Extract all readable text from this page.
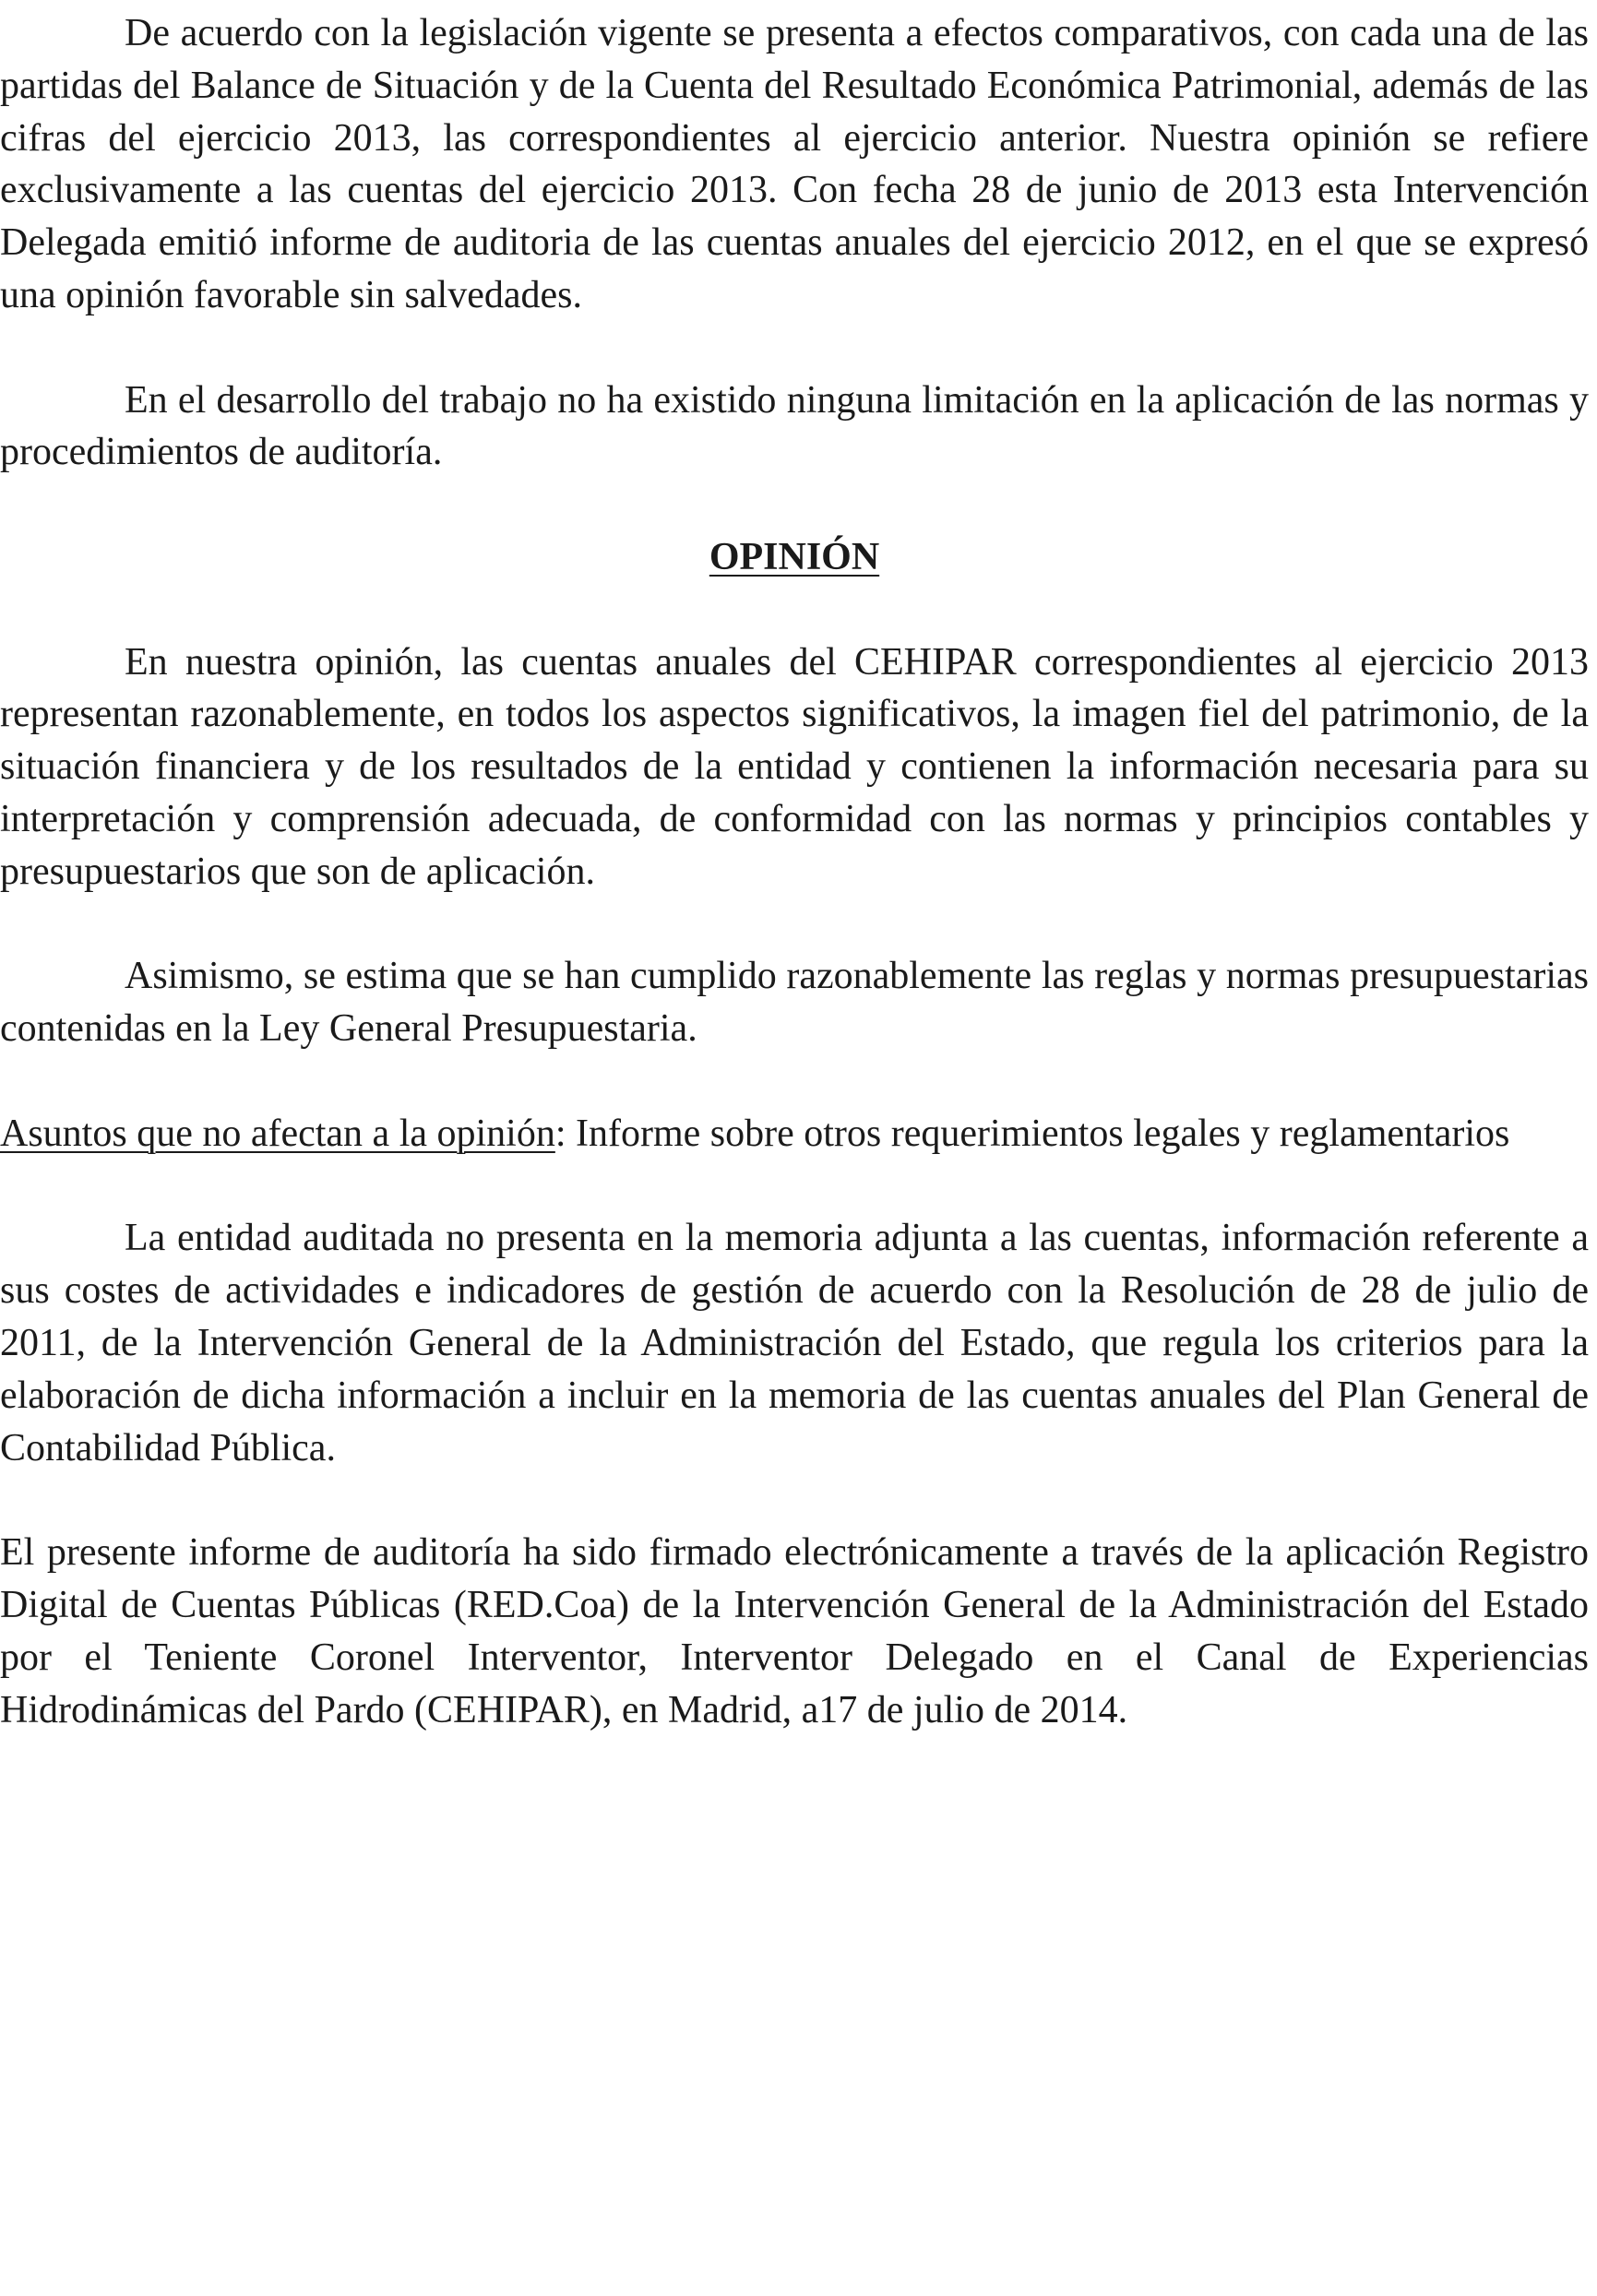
De acuerdo con la legislación vigente se presenta a efectos comparativos, con cada una de las partidas del Balance de Situación y de la Cuenta del Resultado Económica Patrimonial, además de las cifras del ejercicio 2013, las correspondientes al ejercicio anterior. Nuestra opinión se refiere exclusivamente a las cuentas del ejercicio 2013. Con fecha 28 de junio de 2013 esta Intervención Delegada emitió informe de auditoria de las cuentas anuales del ejercicio 2012, en el que se expresó una opinión favorable sin salvedades.

En el desarrollo del trabajo no ha existido ninguna limitación en la aplicación de las normas y procedimientos de auditoría.

OPINIÓN

En nuestra opinión, las cuentas anuales del CEHIPAR correspondientes al ejercicio 2013 representan razonablemente, en todos los aspectos significativos, la imagen fiel del patrimonio, de la situación financiera y de los resultados de la entidad y contienen la información necesaria para su interpretación y comprensión adecuada, de conformidad con las normas y principios contables y presupuestarios que son de aplicación.

Asimismo, se estima que se han cumplido razonablemente las reglas y normas presupuestarias contenidas en la Ley General Presupuestaria.

Asuntos que no afectan a la opinión: Informe sobre otros requerimientos legales y reglamentarios

La entidad auditada no presenta en la memoria adjunta a las cuentas, información referente a sus costes de actividades e indicadores de gestión de acuerdo con la Resolución de 28 de julio de 2011, de la Intervención General de la Administración del Estado, que regula los criterios para la elaboración de dicha información a incluir en la memoria de las cuentas anuales del Plan General de Contabilidad Pública.

El presente informe de auditoría ha sido firmado electrónicamente a través de la aplicación Registro Digital de Cuentas Públicas (RED.Coa) de la Intervención General de la Administración del Estado por el Teniente Coronel Interventor, Interventor Delegado en el Canal de Experiencias Hidrodinámicas del Pardo (CEHIPAR), en Madrid, a17 de julio de 2014.
